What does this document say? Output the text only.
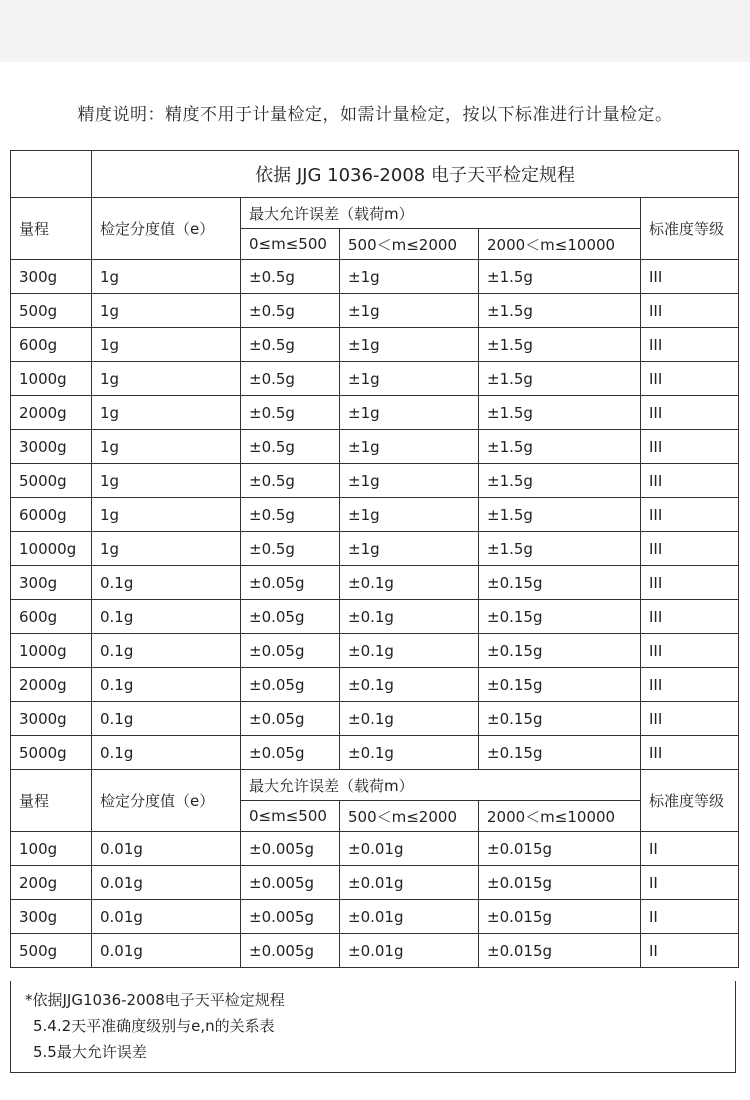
精度说明：精度不用于计量检定，如需计量检定，按以下标准进行计量检定。
	依据 JJG 1036-2008 电子天平检定规程				
量程	检定分度值（e）	最大允许误差（载荷m）			标准度等级
		0≤m≤500	500＜m≤2000	2000＜m≤10000	
300g	1g	±0.5g	±1g	±1.5g	III
500g	1g	±0.5g	±1g	±1.5g	III
600g	1g	±0.5g	±1g	±1.5g	III
1000g	1g	±0.5g	±1g	±1.5g	III
2000g	1g	±0.5g	±1g	±1.5g	III
3000g	1g	±0.5g	±1g	±1.5g	III
5000g	1g	±0.5g	±1g	±1.5g	III
6000g	1g	±0.5g	±1g	±1.5g	III
10000g	1g	±0.5g	±1g	±1.5g	III
300g	0.1g	±0.05g	±0.1g	±0.15g	III
600g	0.1g	±0.05g	±0.1g	±0.15g	III
1000g	0.1g	±0.05g	±0.1g	±0.15g	III
2000g	0.1g	±0.05g	±0.1g	±0.15g	III
3000g	0.1g	±0.05g	±0.1g	±0.15g	III
5000g	0.1g	±0.05g	±0.1g	±0.15g	III
量程	检定分度值（e）	最大允许误差（载荷m）			标准度等级
		0≤m≤500	500＜m≤2000	2000＜m≤10000	
100g	0.01g	±0.005g	±0.01g	±0.015g	II
200g	0.01g	±0.005g	±0.01g	±0.015g	II
300g	0.01g	±0.005g	±0.01g	±0.015g	II
500g	0.01g	±0.005g	±0.01g	±0.015g	II
*依据JJG1036-2008电子天平检定规程
5.4.2天平准确度级别与e,n的关系表
5.5最大允许误差
